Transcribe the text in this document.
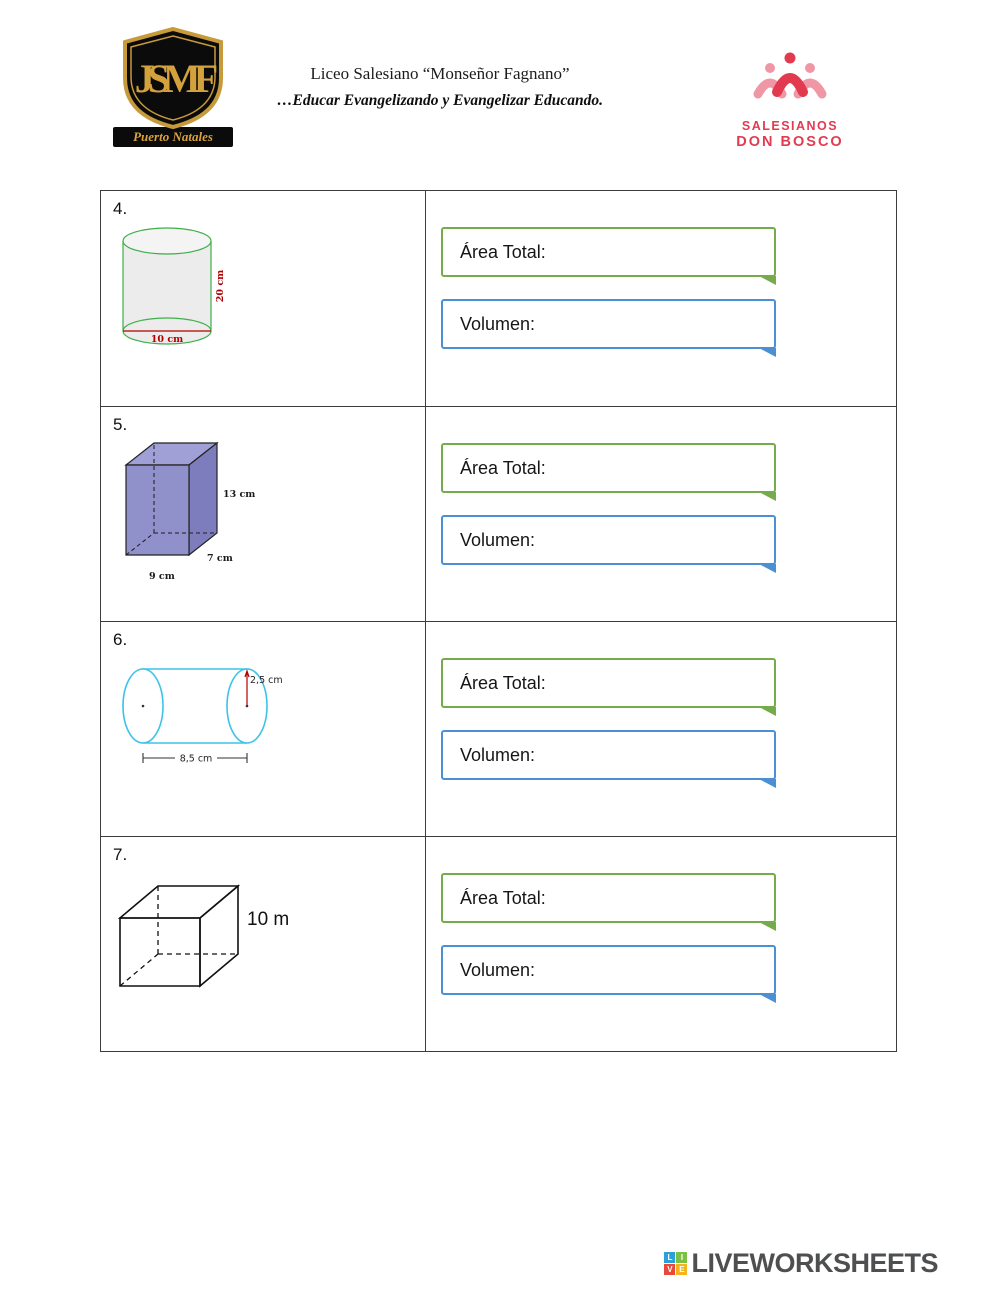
JSMF
Puerto Natales
Liceo Salesiano “Monseñor Fagnano”
…Educar Evangelizando y Evangelizar Educando.
SALESIANOS
DON BOSCO
4.
10 cm
20 cm
Área Total:
Volumen:
5.
13 cm
7 cm
9 cm
Área Total:
Volumen:
6.
2,5 cm
8,5 cm
Área Total:
Volumen:
7.
10 m
Área Total:
Volumen:
L	I
V E LIVEWORKSHEETS
